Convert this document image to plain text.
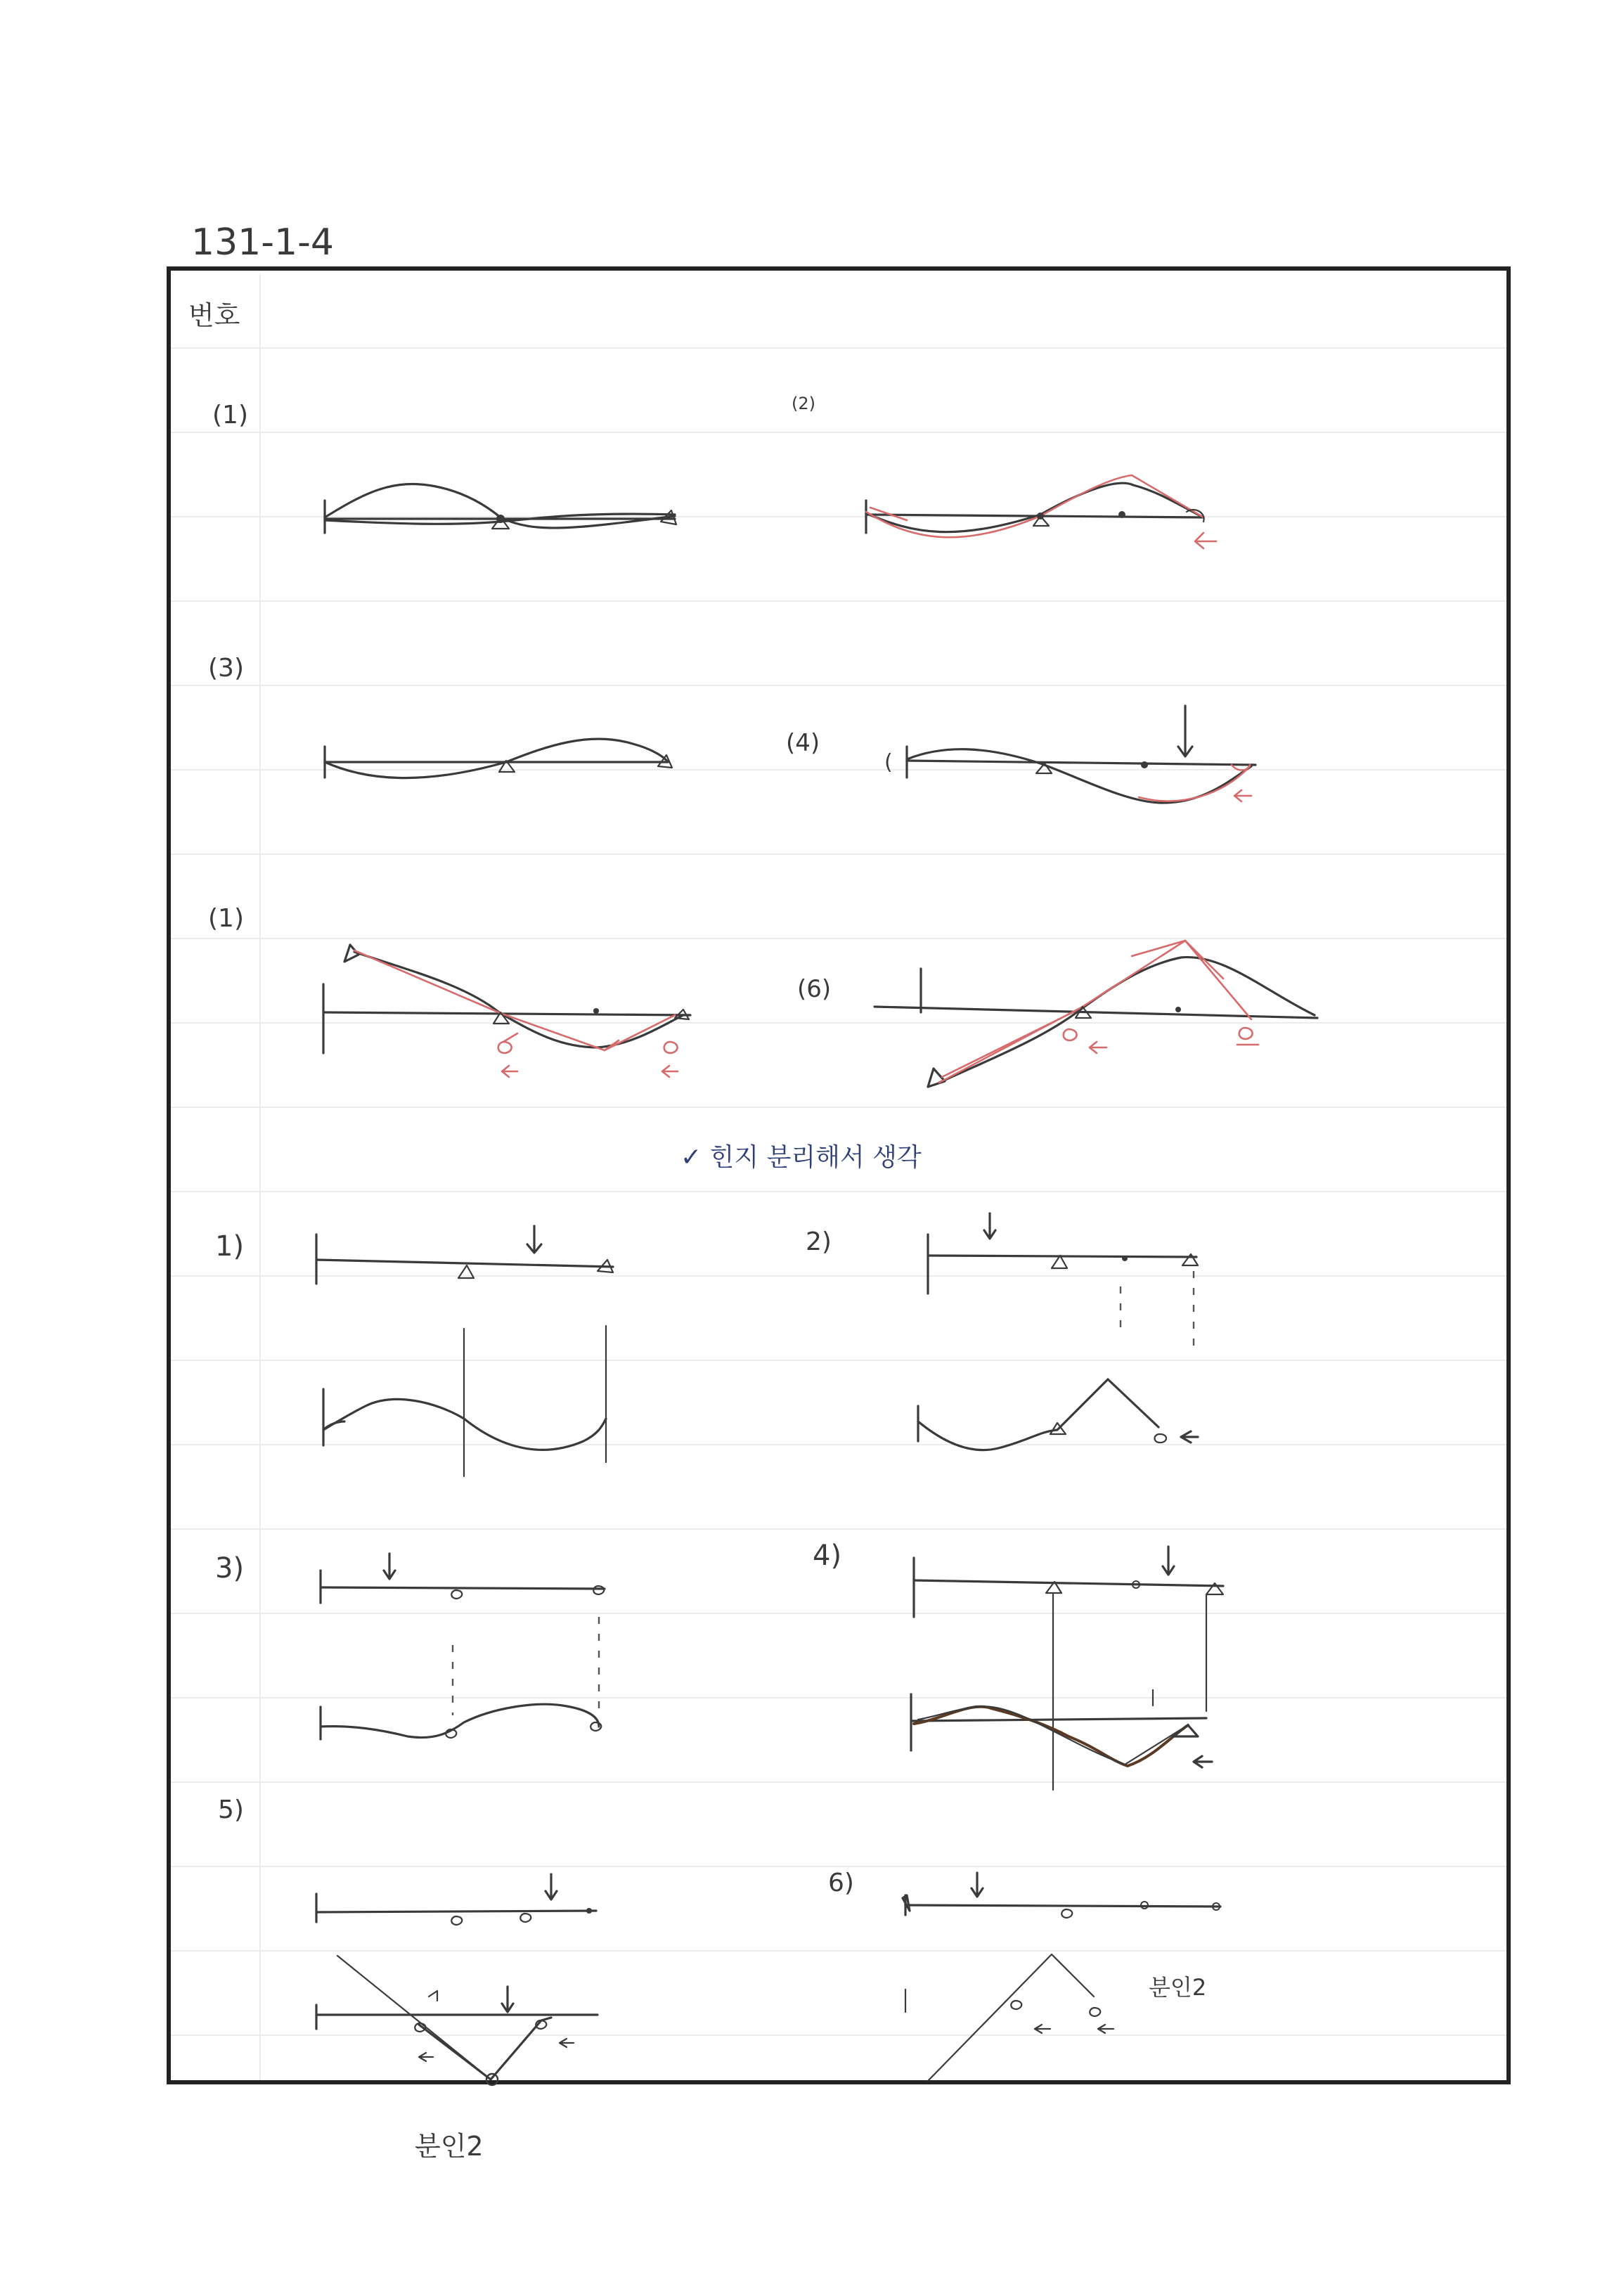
131-1-4
번호
(1)	(2)
(3)
(4)
(
(1)
(6)
✓ 힌지 분리해서 생각
1)	2)
3)	4)
5)
분인2
6)
분인2
